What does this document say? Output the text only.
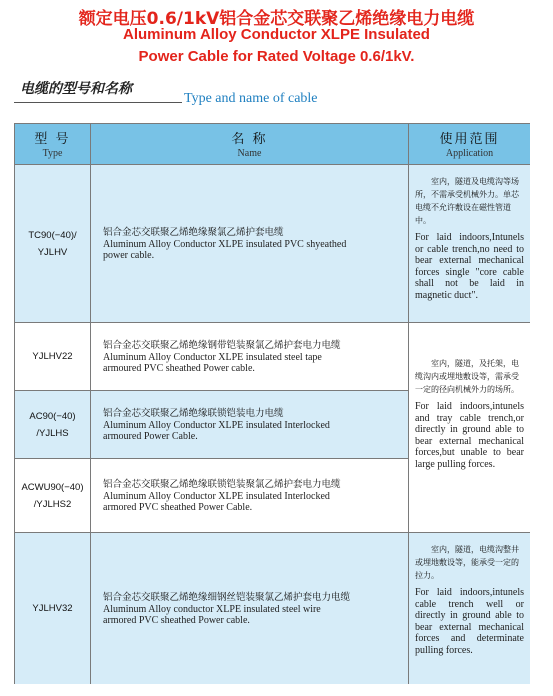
额定电压0.6/1kV铝合金芯交联聚乙烯绝缘电力电缆
Aluminum Alloy Conductor XLPE Insulated
Power Cable for Rated Voltage 0.6/1kV.
电缆的型号和名称
Type and name of cable
型 号
Type
名 称
Name
使用范围
Application
TC90(−40)/
YJLHV
铝合金芯交联聚乙烯绝缘聚氯乙烯护套电缆
Aluminum Alloy Conductor XLPE insulated PVC shyeathed
power cable.
室内，隧道及电缆沟等场所，不需承受机械外力。单芯电缆不允许敷设在磁性管道中。
For laid indoors,Intunels or cable trench,no need to bear external mechanical forces single "core cable shall not be laid in magnetic duct".
YJLHV22
铝合金芯交联聚乙烯绝缘钢带铠装聚氯乙烯护套电力电缆
Aluminum Alloy Conductor XLPE insulated steel tape
armoured PVC sheathed Power cable.	室内，隧道，及托架，电缆沟内或埋地敷设等，需承受一定的径向机械外力的场所。
For laid indoors,intunels and tray cable trench,or directly in ground able to bear external mechanical forces,but unable to bear large pulling forces.
AC90(−40)
/YJLHS
铝合金芯交联聚乙烯绝缘联锁铠装电力电缆
Aluminum Alloy Conductor XLPE insulated Interlocked
armoured Power Cable.
ACWU90(−40)
/YJLHS2
铝合金芯交联聚乙烯绝缘联锁铠装聚氯乙烯护套电力电缆
Aluminum Alloy Conductor XLPE insulated Interlocked
armored PVC sheathed Power Cable.
YJLHV32
铝合金芯交联聚乙烯绝缘细钢丝铠装聚氯乙烯护套电力电缆
Aluminum Alloy conductor XLPE insulated steel wire
armored PVC sheathed Power cable.
室内，隧道，电缆沟整井或埋地敷设等，能承受一定的拉力。
For laid indoors,intunels cable trench well or directly in ground able to bear external mechanical forces and determinate pulling forces.
